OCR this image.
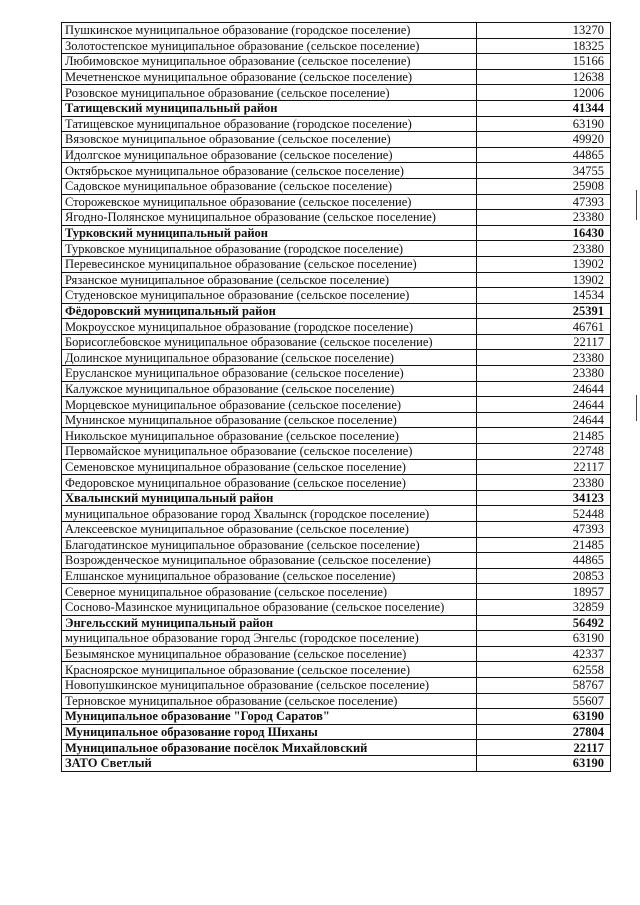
Пушкинское муниципальное образование (городское поселение)	13270
Золотостепское муниципальное образование (сельское поселение)	18325
Любимовское муниципальное образование (сельское поселение)	15166
Мечетненское муниципальное образование (сельское поселение)	12638
Розовское муниципальное образование (сельское поселение)	12006
Татищевский муниципальный район	41344
Татищевское муниципальное образование (городское поселение)	63190
Вязовское муниципальное образование (сельское поселение)	49920
Идолгское муниципальное образование (сельское поселение)	44865
Октябрьское муниципальное образование (сельское поселение)	34755
Садовское муниципальное образование (сельское поселение)	25908
Сторожевское муниципальное образование (сельское поселение)	47393
Ягодно-Полянское муниципальное образование (сельское поселение)	23380
Турковский муниципальный район	16430
Турковское муниципальное образование (городское поселение)	23380
Перевесинское муниципальное образование (сельское поселение)	13902
Рязанское муниципальное образование (сельское поселение)	13902
Студеновское муниципальное образование (сельское поселение)	14534
Фёдоровский муниципальный район	25391
Мокроусское муниципальное образование (городское поселение)	46761
Борисоглебовское муниципальное образование (сельское поселение)	22117
Долинское муниципальное образование (сельское поселение)	23380
Ерусланское муниципальное образование (сельское поселение)	23380
Калужское муниципальное образование (сельское поселение)	24644
Морцевское муниципальное образование (сельское поселение)	24644
Мунинское муниципальное образование (сельское поселение)	24644
Никольское муниципальное образование (сельское поселение)	21485
Первомайское муниципальное образование (сельское поселение)	22748
Семеновское муниципальное образование (сельское поселение)	22117
Федоровское муниципальное образование (сельское поселение)	23380
Хвалынский муниципальный район	34123
муниципальное образование город Хвалынск (городское поселение)	52448
Алексеевское муниципальное образование (сельское поселение)	47393
Благодатинское муниципальное образование (сельское поселение)	21485
Возрожденческое муниципальное образование (сельское поселение)	44865
Елшанское муниципальное образование (сельское поселение)	20853
Северное муниципальное образование (сельское поселение)	18957
Сосново-Мазинское муниципальное образование (сельское поселение)	32859
Энгельсский муниципальный район	56492
муниципальное образование город Энгельс (городское поселение)	63190
Безымянское муниципальное образование (сельское поселение)	42337
Красноярское муниципальное образование (сельское поселение)	62558
Новопушкинское муниципальное образование (сельское поселение)	58767
Терновское муниципальное образование (сельское поселение)	55607
Муниципальное образование "Город Саратов"	63190
Муниципальное образование город Шиханы	27804
Муниципальное образование посёлок Михайловский	22117
ЗАТО Светлый	63190
